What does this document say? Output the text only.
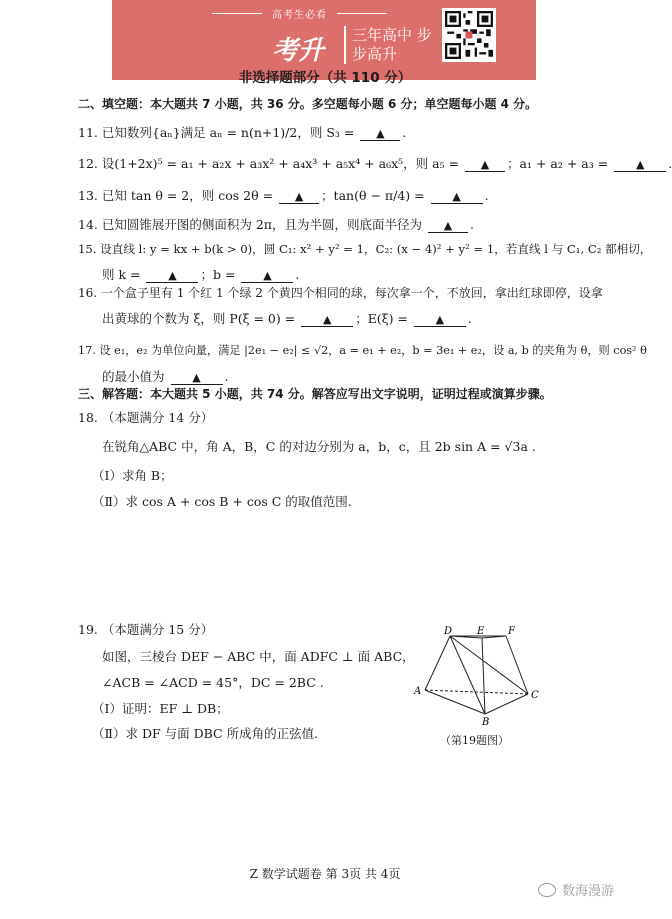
高考生必看
考升
三年高中 步步高升
非选择题部分（共 110 分）
二、填空题：本大题共 7 小题，共 36 分。多空题每小题 6 分；单空题每小题 4 分。
11. 已知数列{aₙ}满足 aₙ = n(n+1)/2，则 S₃ = ▲ .
12. 设(1+2x)⁵ = a₁ + a₂x + a₃x² + a₄x³ + a₅x⁴ + a₆x⁵，则 a₅ = ▲ ；a₁ + a₂ + a₃ =	▲ .
13. 已知 tan θ = 2，则 cos 2θ = ▲ ；tan(θ − π/4) =	▲ .
14. 已知圆锥展开图的侧面积为 2π，且为半圆，则底面半径为 ▲ .
15. 设直线 l: y = kx + b(k > 0)，圆 C₁: x² + y² = 1，C₂: (x − 4)² + y² = 1，若直线 l 与 C₁, C₂ 都相切，
则 k =	▲ ；b =	▲ .
16. 一个盒子里有 1 个红 1 个绿 2 个黄四个相同的球，每次拿一个，不放回，拿出红球即停，设拿
出黄球的个数为 ξ，则 P(ξ = 0) =	▲ ；E(ξ) =	▲ .
17. 设 e₁，e₂ 为单位向量，满足 |2e₁ − e₂| ≤ √2，a = e₁ + e₂，b = 3e₁ + e₂，设 a, b 的夹角为 θ，则 cos² θ
的最小值为	▲ .
三、解答题：本大题共 5 小题，共 74 分。解答应写出文字说明，证明过程或演算步骤。
18. （本题满分 14 分）
在锐角△ABC 中，角 A，B，C 的对边分别为 a，b，c，且 2b sin A = √3a .
（Ⅰ）求角 B；
（Ⅱ）求 cos A + cos B + cos C 的取值范围.
19. （本题满分 15 分）
如图，三棱台 DEF − ABC 中，面 ADFC ⊥ 面 ABC，
∠ACB = ∠ACD = 45°，DC = 2BC .
（Ⅰ）证明：EF ⊥ DB；
（Ⅱ）求 DF 与面 DBC 所成角的正弦值.
D E F
A
B
C
（第19题图）
Z 数学试题卷 第 3页 共 4页
数海漫游
